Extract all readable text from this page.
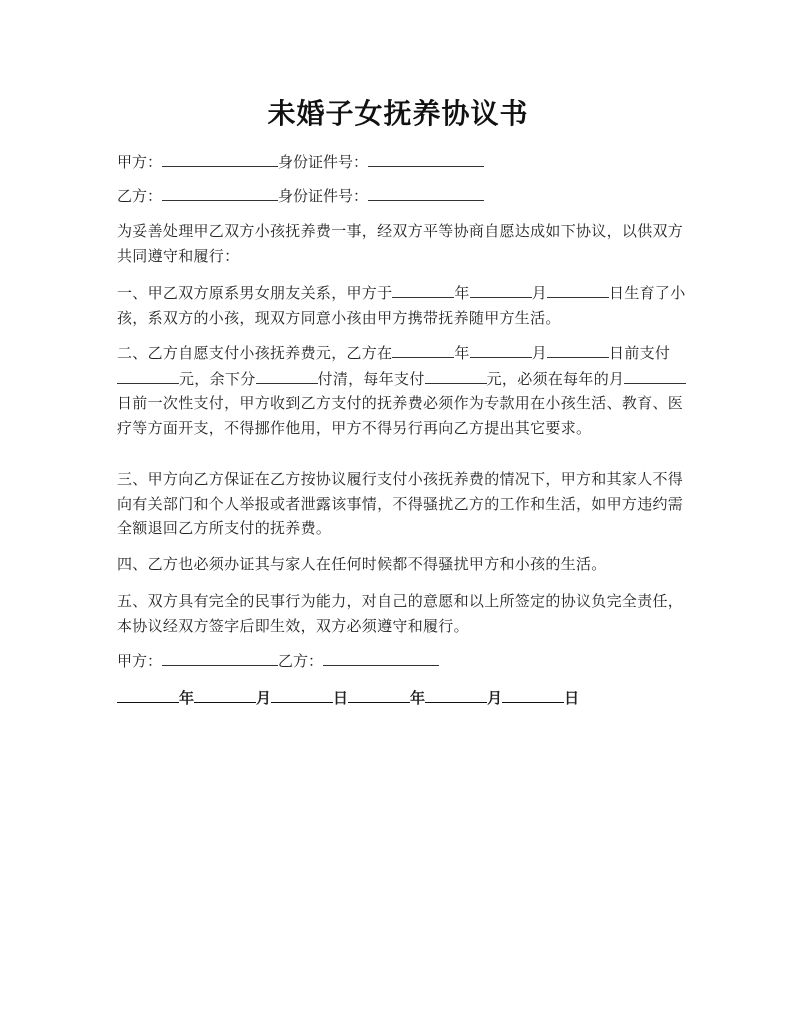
未婚子女抚养协议书
甲方：	身份证件号：
乙方：	身份证件号：
为妥善处理甲乙双方小孩抚养费一事，经双方平等协商自愿达成如下协议，以供双方共同遵守和履行：
一、甲乙双方原系男女朋友关系，甲方于	年	月	日生育了小孩，系双方的小孩，现双方同意小孩由甲方携带抚养随甲方生活。
二、乙方自愿支付小孩抚养费元，乙方在	年	月	日前支付元，余下分	付清，每年支付	元，必须在每年的月日前一次性支付，甲方收到乙方支付的抚养费必须作为专款用在小孩生活、教育、医疗等方面开支，不得挪作他用，甲方不得另行再向乙方提出其它要求。
三、甲方向乙方保证在乙方按协议履行支付小孩抚养费的情况下，甲方和其家人不得向有关部门和个人举报或者泄露该事情，不得骚扰乙方的工作和生活，如甲方违约需全额退回乙方所支付的抚养费。
四、乙方也必须办证其与家人在任何时候都不得骚扰甲方和小孩的生活。
五、双方具有完全的民事行为能力，对自己的意愿和以上所签定的协议负完全责任，本协议经双方签字后即生效，双方必须遵守和履行。
甲方：	乙方：
年	月	日	年	月	日
